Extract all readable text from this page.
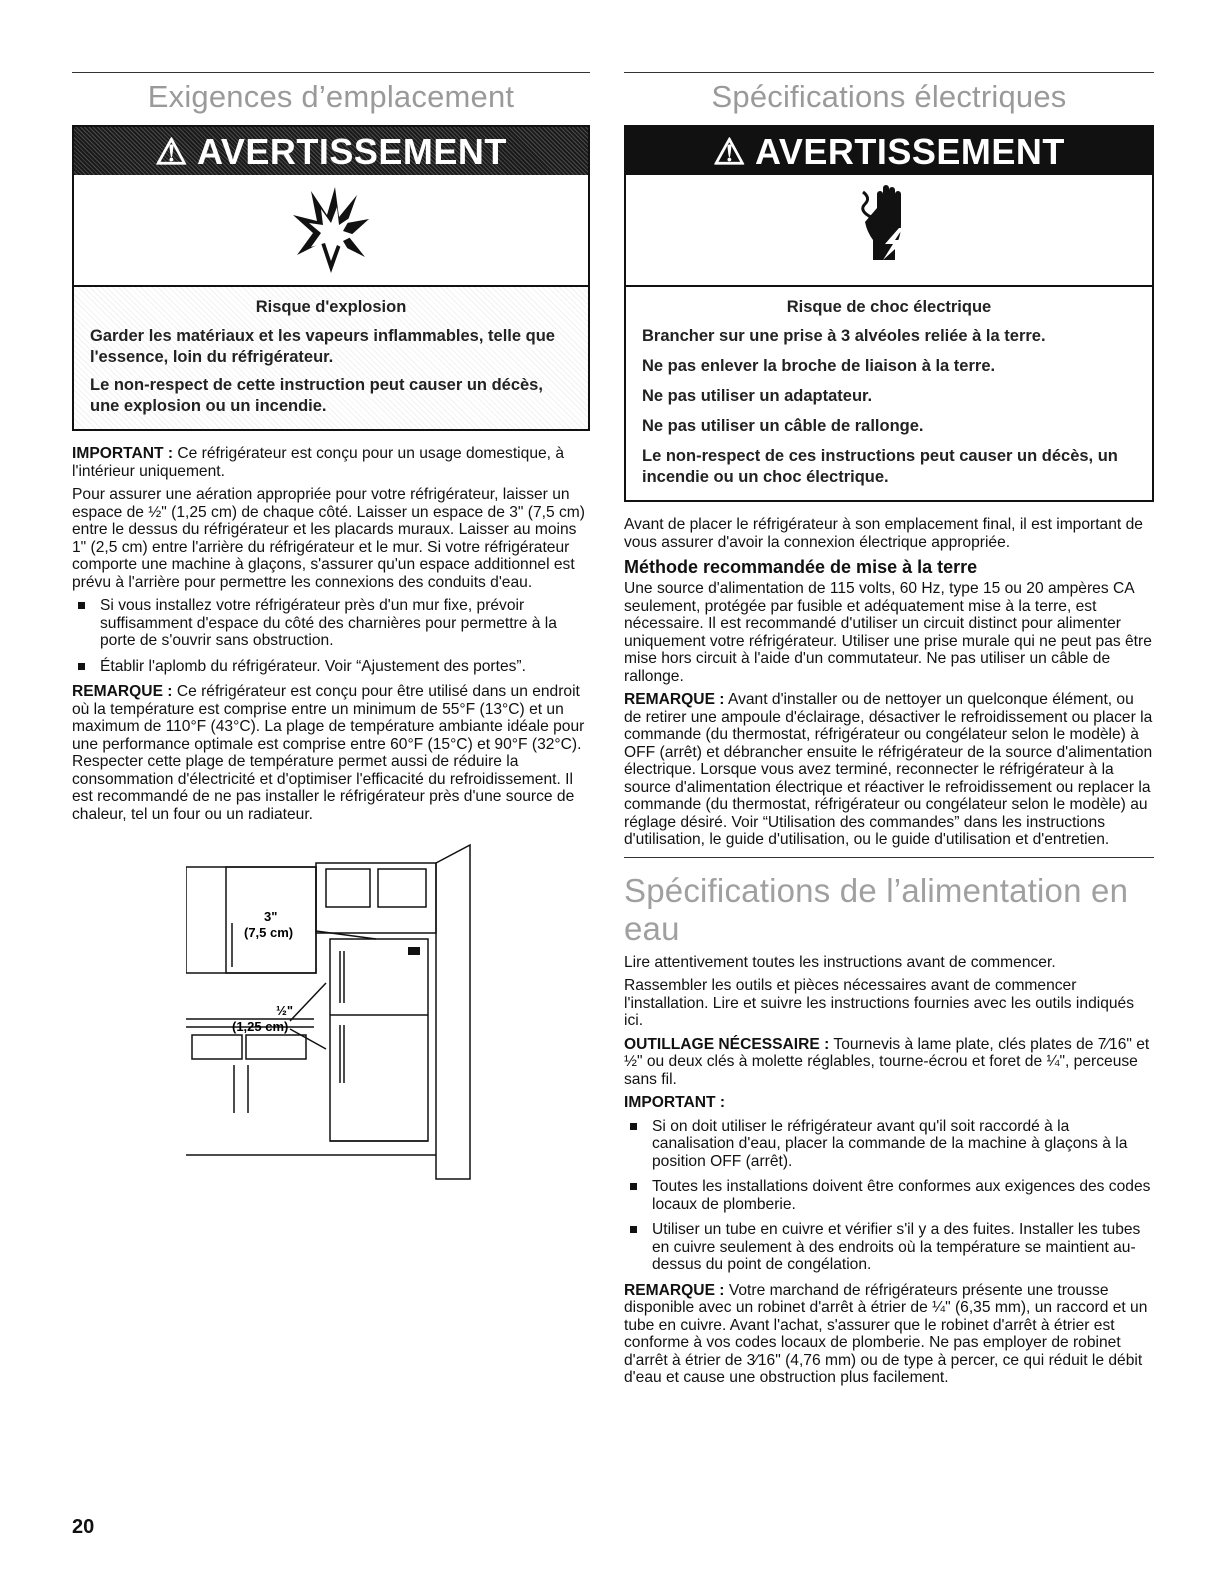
Exigences d’emplacement
⚠ AVERTISSEMENT
Risque d'explosion

Garder les matériaux et les vapeurs inflammables, telle que l'essence, loin du réfrigérateur.

Le non-respect de cette instruction peut causer un décès, une explosion ou un incendie.

IMPORTANT : Ce réfrigérateur est conçu pour un usage domestique, à l'intérieur uniquement.

Pour assurer une aération appropriée pour votre réfrigérateur, laisser un espace de ½" (1,25 cm) de chaque côté. Laisser un espace de 3" (7,5 cm) entre le dessus du réfrigérateur et les placards muraux. Laisser au moins 1" (2,5 cm) entre l'arrière du réfrigérateur et le mur. Si votre réfrigérateur comporte une machine à glaçons, s'assurer qu'un espace additionnel est prévu à l'arrière pour permettre les connexions des conduits d'eau.

Si vous installez votre réfrigérateur près d'un mur fixe, prévoir suffisamment d'espace du côté des charnières pour permettre à la porte de s'ouvrir sans obstruction.
Établir l'aplomb du réfrigérateur. Voir “Ajustement des portes”.

REMARQUE : Ce réfrigérateur est conçu pour être utilisé dans un endroit où la température est comprise entre un minimum de 55°F (13°C) et un maximum de 110°F (43°C). La plage de température ambiante idéale pour une performance optimale est comprise entre 60°F (15°C) et 90°F (32°C). Respecter cette plage de température permet aussi de réduire la consommation d'électricité et d'optimiser l'efficacité du refroidissement. Il est recommandé de ne pas installer le réfrigérateur près d'une source de chaleur, tel un four ou un radiateur.

3"
(7,5 cm)
½"
(1,25 cm)
Spécifications électriques
⚠ AVERTISSEMENT
Risque de choc électrique

Brancher sur une prise à 3 alvéoles reliée à la terre.

Ne pas enlever la broche de liaison à la terre.

Ne pas utiliser un adaptateur.

Ne pas utiliser un câble de rallonge.

Le non-respect de ces instructions peut causer un décès, un incendie ou un choc électrique.

Avant de placer le réfrigérateur à son emplacement final, il est important de vous assurer d'avoir la connexion électrique appropriée.

Méthode recommandée de mise à la terre

Une source d'alimentation de 115 volts, 60 Hz, type 15 ou 20 ampères CA seulement, protégée par fusible et adéquatement mise à la terre, est nécessaire. Il est recommandé d'utiliser un circuit distinct pour alimenter uniquement votre réfrigérateur. Utiliser une prise murale qui ne peut pas être mise hors circuit à l'aide d'un commutateur. Ne pas utiliser un câble de rallonge.

REMARQUE : Avant d'installer ou de nettoyer un quelconque élément, ou de retirer une ampoule d'éclairage, désactiver le refroidissement ou placer la commande (du thermostat, réfrigérateur ou congélateur selon le modèle) à OFF (arrêt) et débrancher ensuite le réfrigérateur de la source d'alimentation électrique. Lorsque vous avez terminé, reconnecter le réfrigérateur à la source d'alimentation électrique et réactiver le refroidissement ou replacer la commande (du thermostat, réfrigérateur ou congélateur selon le modèle) au réglage désiré. Voir “Utilisation des commandes” dans les instructions d'utilisation, le guide d'utilisation, ou le guide d'utilisation et d'entretien.

Spécifications de l’alimentation en eau

Lire attentivement toutes les instructions avant de commencer.

Rassembler les outils et pièces nécessaires avant de commencer l'installation. Lire et suivre les instructions fournies avec les outils indiqués ici.

OUTILLAGE NÉCESSAIRE : Tournevis à lame plate, clés plates de 7⁄16" et ½" ou deux clés à molette réglables, tourne-écrou et foret de ¼", perceuse sans fil.

IMPORTANT :

Si on doit utiliser le réfrigérateur avant qu'il soit raccordé à la canalisation d'eau, placer la commande de la machine à glaçons à la position OFF (arrêt).
Toutes les installations doivent être conformes aux exigences des codes locaux de plomberie.
Utiliser un tube en cuivre et vérifier s'il y a des fuites. Installer les tubes en cuivre seulement à des endroits où la température se maintient au-dessus du point de congélation.

REMARQUE : Votre marchand de réfrigérateurs présente une trousse disponible avec un robinet d'arrêt à étrier de ¼" (6,35 mm), un raccord et un tube en cuivre. Avant l'achat, s'assurer que le robinet d'arrêt à étrier est conforme à vos codes locaux de plomberie. Ne pas employer de robinet d'arrêt à étrier de 3⁄16" (4,76 mm) ou de type à percer, ce qui réduit le débit d'eau et cause une obstruction plus facilement.

20
